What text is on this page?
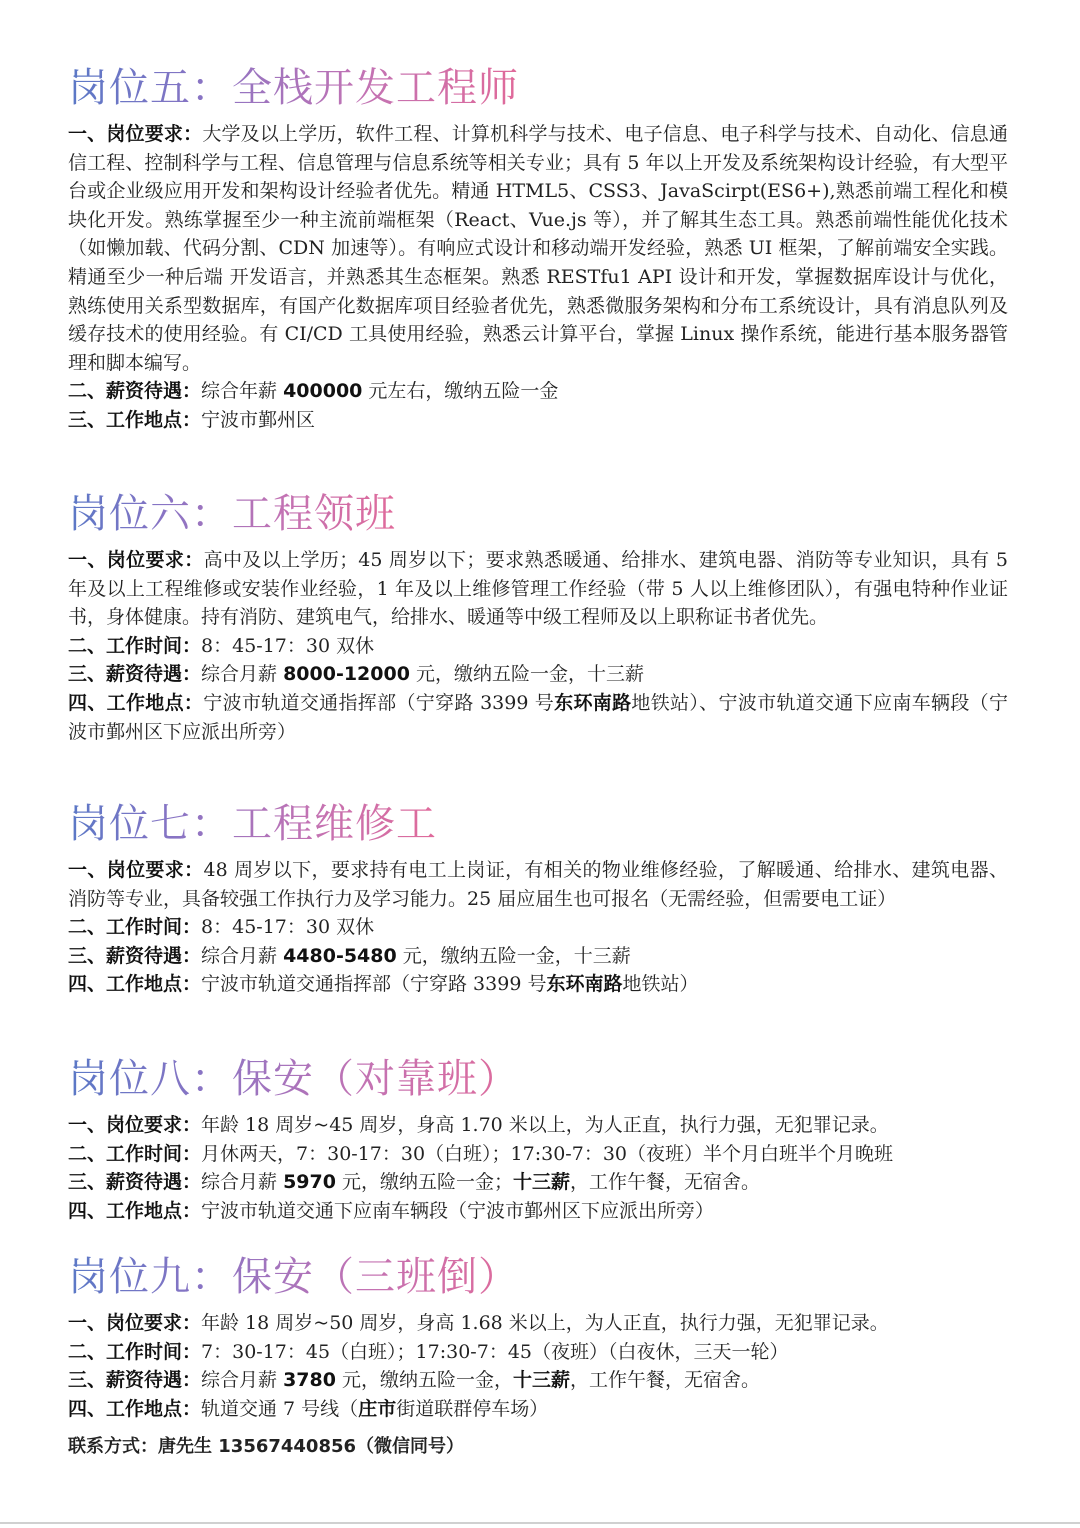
岗位五：全栈开发工程师

一、岗位要求：大学及以上学历，软件工程、计算机科学与技术、电子信息、电子科学与技术、自动化、信息通信工程、控制科学与工程、信息管理与信息系统等相关专业；具有 5 年以上开发及系统架构设计经验，有大型平台或企业级应用开发和架构设计经验者优先。精通 HTML5、CSS3、JavaScirpt(ES6+),熟悉前端工程化和模块化开发。熟练掌握至少一种主流前端框架（React、Vue.js 等），并了解其生态工具。熟悉前端性能优化技术（如懒加载、代码分割、CDN 加速等）。有响应式设计和移动端开发经验，熟悉 UI 框架，了解前端安全实践。精通至少一种后端 开发语言，并熟悉其生态框架。熟悉 RESTfu1 API 设计和开发，掌握数据库设计与优化，熟练使用关系型数据库，有国产化数据库项目经验者优先，熟悉微服务架构和分布工系统设计，具有消息队列及缓存技术的使用经验。有 CI/CD 工具使用经验，熟悉云计算平台，掌握 Linux 操作系统，能进行基本服务器管理和脚本编写。

二、薪资待遇：综合年薪 400000 元左右，缴纳五险一金

三、工作地点：宁波市鄞州区

岗位六：工程领班

一、岗位要求：高中及以上学历；45 周岁以下；要求熟悉暖通、给排水、建筑电器、消防等专业知识，具有 5 年及以上工程维修或安装作业经验，1 年及以上维修管理工作经验（带 5 人以上维修团队），有强电特种作业证书，身体健康。持有消防、建筑电气，给排水、暖通等中级工程师及以上职称证书者优先。

二、工作时间：8：45-17：30 双休

三、薪资待遇：综合月薪 8000-12000 元，缴纳五险一金，十三薪

四、工作地点：宁波市轨道交通指挥部（宁穿路 3399 号东环南路地铁站）、宁波市轨道交通下应南车辆段（宁波市鄞州区下应派出所旁）

岗位七：工程维修工

一、岗位要求：48 周岁以下，要求持有电工上岗证，有相关的物业维修经验，了解暖通、给排水、建筑电器、消防等专业，具备较强工作执行力及学习能力。25 届应届生也可报名（无需经验，但需要电工证）

二、工作时间：8：45-17：30 双休

三、薪资待遇：综合月薪 4480-5480 元，缴纳五险一金，十三薪

四、工作地点：宁波市轨道交通指挥部（宁穿路 3399 号东环南路地铁站）

岗位八：保安（对靠班）

一、岗位要求：年龄 18 周岁~45 周岁，身高 1.70 米以上，为人正直，执行力强，无犯罪记录。

二、工作时间：月休两天，7：30-17：30（白班）；17:30-7：30（夜班）半个月白班半个月晚班

三、薪资待遇：综合月薪 5970 元，缴纳五险一金；十三薪，工作午餐，无宿舍。

四、工作地点：宁波市轨道交通下应南车辆段（宁波市鄞州区下应派出所旁）

岗位九：保安（三班倒）

一、岗位要求：年龄 18 周岁~50 周岁，身高 1.68 米以上，为人正直，执行力强，无犯罪记录。

二、工作时间：7：30-17：45（白班）；17:30-7：45（夜班）（白夜休，三天一轮）

三、薪资待遇：综合月薪 3780 元，缴纳五险一金，十三薪，工作午餐，无宿舍。

四、工作地点：轨道交通 7 号线（庄市街道联群停车场）

联系方式：唐先生 13567440856（微信同号）
